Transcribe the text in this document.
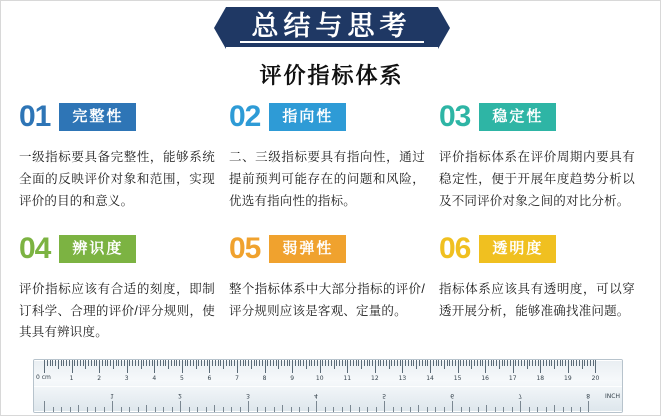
总结与思考
评价指标体系
01	完整性
一级指标要具备完整性，能够系统全面的反映评价对象和范围，实现评价的目的和意义。
02	指向性
二、三级指标要具有指向性，通过提前预判可能存在的问题和风险，优选有指向性的指标。
03	稳定性
评价指标体系在评价周期内要具有稳定性，便于开展年度趋势分析以及不同评价对象之间的对比分析。
04	辨识度
评价指标应该有合适的刻度，即制订科学、合理的评价/评分规则，使其具有辨识度。
05	弱弹性
整个指标体系中大部分指标的评价/评分规则应该是客观、定量的。
06	透明度
指标体系应该具有透明度，可以穿透开展分析，能够准确找准问题。
0 cm
INCH
1	2	3	4	5	6	7	8	9	10	11	12	13	14	15	16	17	18	19	20
1	2	3	4	5	6	7	8
